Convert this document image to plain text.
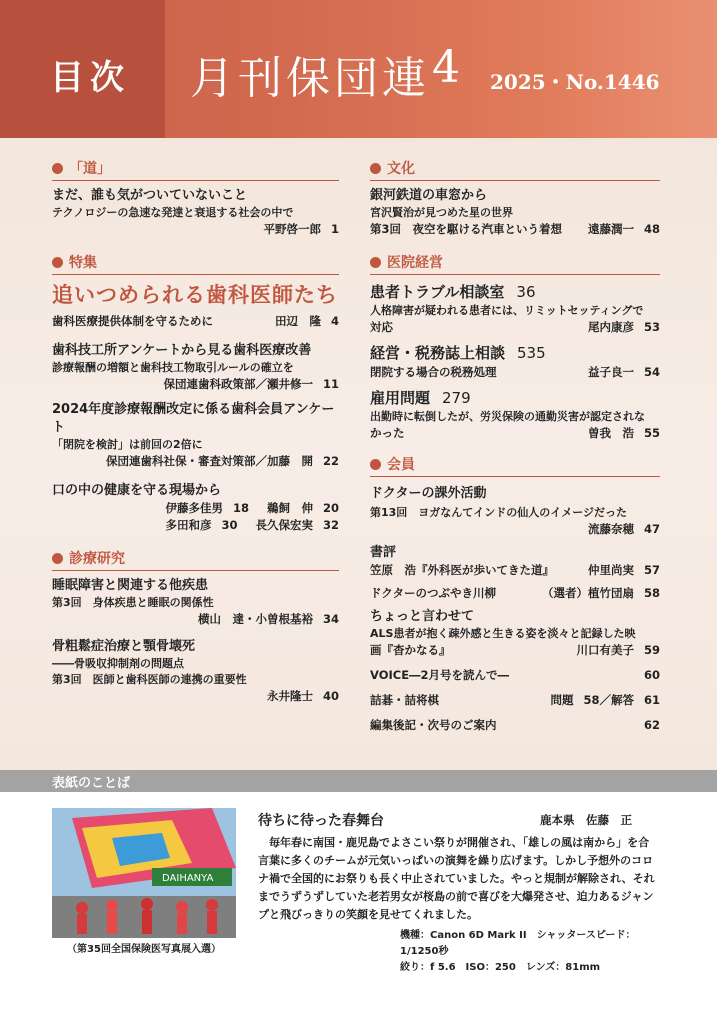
目次 月刊保団連 4 2025・No.1446
「道」
まだ、誰も気がついていないこと
テクノロジーの急速な発達と衰退する社会の中で
平野啓一郎 1
特集
追いつめられる歯科医師たち
歯科医療提供体制を守るために	田辺　隆 4
歯科技工所アンケートから見る歯科医療改善
診療報酬の増額と歯科技工物取引ルールの確立を
保団連歯科政策部／瀬井修一 11
2024年度診療報酬改定に係る歯科会員アンケート
「閉院を検討」は前回の2倍に
保団連歯科社保・審査対策部／加藤　開 22
口の中の健康を守る現場から
伊藤多佳男 18 鵜飼　伸 20
多田和彦 30 長久保宏実 32
診療研究
睡眠障害と関連する他疾患
第3回　身体疾患と睡眠の関係性
横山　達・小曽根基裕 34
骨粗鬆症治療と顎骨壊死
――骨吸収抑制剤の問題点
第3回　医師と歯科医師の連携の重要性
永井隆士 40
文化
銀河鉄道の車窓から
宮沢賢治が見つめた星の世界
第3回　夜空を駆ける汽車という着想 遠藤潤一 48
医院経営
患者トラブル相談室 36
人格障害が疑われる患者には、リミットセッティングで
対応	尾内康彦 53
経営・税務誌上相談 535
閉院する場合の税務処理	益子良一 54
雇用問題 279
出勤時に転倒したが、労災保険の通勤災害が認定されな
かった	曽我　浩 55
会員
ドクターの課外活動
第13回　ヨガなんてインドの仙人のイメージだった
流藤奈穂 47
書評
笠原　浩『外科医が歩いてきた道』	仲里尚実 57
ドクターのつぶやき川柳	（選者）植竹団扇 58
ちょっと言わせて
ALS患者が抱く疎外感と生きる姿を淡々と記録した映
画『杳かなる』	川口有美子 59
VOICE―2月号を読んで―	60
詰碁・詰将棋	問題 58／解答 61
編集後記・次号のご案内	62
表紙のことば
DAIHANYA
（第35回全国保険医写真展入選）
待ちに待った春舞台	鹿本県　佐藤　正
毎年春に南国・鹿児島でよさこい祭りが開催され、「雄しの風は南から」を合言葉に多くのチームが元気いっぱいの演舞を繰り広げます。しかし予想外のコロナ禍で全国的にお祭りも長く中止されていました。やっと規制が解除され、それまでうずうずしていた老若男女が桜島の前で喜びを大爆発させ、迫力あるジャンプと飛びっきりの笑顔を見せてくれました。
機種：Canon 6D Mark II　シャッタースピード：1/1250秒
絞り：f 5.6　ISO：250　レンズ：81mm
